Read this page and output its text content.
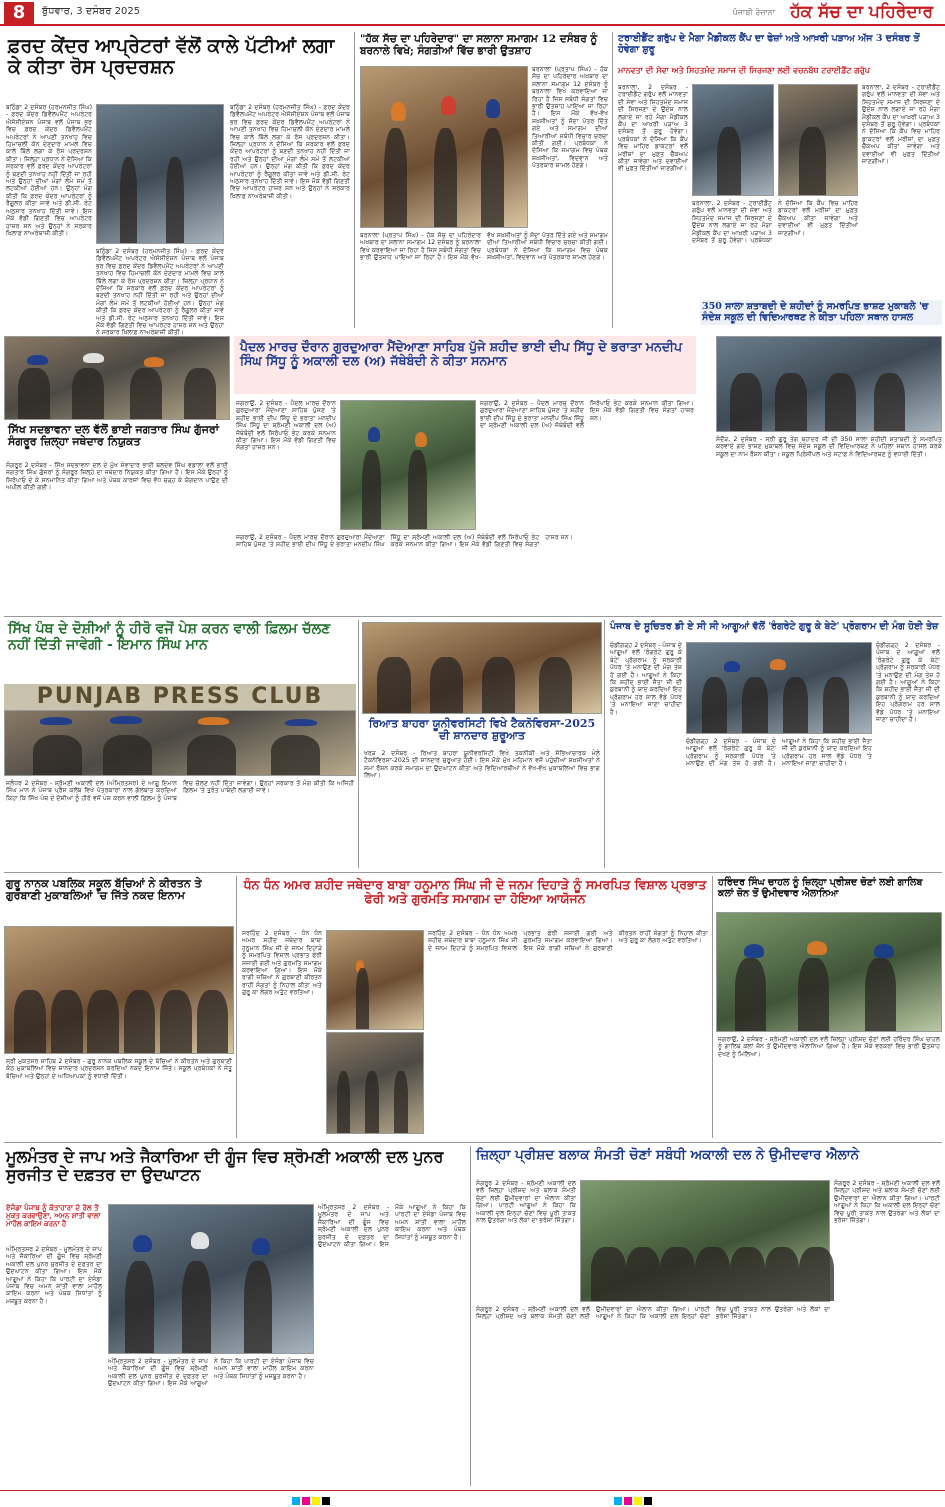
8	ਬੁੱਧਵਾਰ, 3 ਦਸੰਬਰ 2025	ਪੰਜਾਬੀ ਰੋਜ਼ਾਨਾ ਹੱਕ ਸੱਚ ਦਾ ਪਹਿਰੇਦਾਰ
ਫ਼ਰਦ ਕੇਂਦਰ ਆਪ੍ਰੇਟਰਾਂ ਵੱਲੋਂ ਕਾਲੇ ਪੱਟੀਆਂ ਲਗਾ ਕੇ ਕੀਤਾ ਰੋਸ ਪ੍ਰਦਰਸ਼ਨ
ਬਠਿੰਡਾ 2 ਦਸੰਬਰ (ਹਰਮਨਜੀਤ ਸਿੰਘ) - ਫ਼ਰਦ ਕੇਂਦਰ ਡਿਵੈਲਪਮੈਂਟ ਅਪਰੇਟਰ ਐਸੋਸੀਏਸ਼ਨ ਪੰਜਾਬ ਵਲੋਂ ਪੰਜਾਬ ਭਰ ਵਿਚ ਫ਼ਰਦ ਕੇਂਦਰ ਡਿਵੈਲਪਮੈਂਟ ਅਪਰੇਟਰਾਂ ਨੇ ਆਪਣੀ ਤਨਖਾਹ ਵਿਚ ਹਿਮਾਚਲੀ ਕੋਨ ਦੇਣਦਾਰ ਮਾਮਲੇ ਵਿਚ ਕਾਲੇ ਬਿੱਲੇ ਲਗਾ ਕੇ ਰੋਸ ਪ੍ਰਦਰਸ਼ਨ ਕੀਤਾ। ਜ਼ਿਲ੍ਹਾ ਪ੍ਰਧਾਨ ਨੇ ਦੱਸਿਆ ਕਿ ਸਰਕਾਰ ਵਲੋਂ ਫ਼ਰਦ ਕੇਂਦਰ ਆਪਰੇਟਰਾਂ ਨੂੰ ਬਣਦੀ ਤਨਖਾਹ ਨਹੀਂ ਦਿੱਤੀ ਜਾ ਰਹੀ ਅਤੇ ਉਨ੍ਹਾਂ ਦੀਆਂ ਮੰਗਾਂ ਲੰਮੇ ਸਮੇਂ ਤੋਂ ਲਟਕੀਆਂ ਹੋਈਆਂ ਹਨ। ਉਨ੍ਹਾਂ ਮੰਗ ਕੀਤੀ ਕਿ ਫ਼ਰਦ ਕੇਂਦਰ ਆਪਰੇਟਰਾਂ ਨੂੰ ਰੈਗੂਲਰ ਕੀਤਾ ਜਾਵੇ ਅਤੇ ਡੀ.ਸੀ. ਰੇਟ ਅਨੁਸਾਰ ਤਨਖਾਹ ਦਿੱਤੀ ਜਾਵੇ। ਇਸ ਮੌਕੇ ਵੱਡੀ ਗਿਣਤੀ ਵਿਚ ਆਪਰੇਟਰ ਹਾਜ਼ਰ ਸਨ ਅਤੇ ਉਨ੍ਹਾਂ ਨੇ ਸਰਕਾਰ ਖ਼ਿਲਾਫ਼ ਨਾਅਰੇਬਾਜ਼ੀ ਕੀਤੀ।
ਬਠਿੰਡਾ 2 ਦਸੰਬਰ (ਹਰਮਨਜੀਤ ਸਿੰਘ) - ਫ਼ਰਦ ਕੇਂਦਰ ਡਿਵੈਲਪਮੈਂਟ ਅਪਰੇਟਰ ਐਸੋਸੀਏਸ਼ਨ ਪੰਜਾਬ ਵਲੋਂ ਪੰਜਾਬ ਭਰ ਵਿਚ ਫ਼ਰਦ ਕੇਂਦਰ ਡਿਵੈਲਪਮੈਂਟ ਅਪਰੇਟਰਾਂ ਨੇ ਆਪਣੀ ਤਨਖਾਹ ਵਿਚ ਹਿਮਾਚਲੀ ਕੋਨ ਦੇਣਦਾਰ ਮਾਮਲੇ ਵਿਚ ਕਾਲੇ ਬਿੱਲੇ ਲਗਾ ਕੇ ਰੋਸ ਪ੍ਰਦਰਸ਼ਨ ਕੀਤਾ। ਜ਼ਿਲ੍ਹਾ ਪ੍ਰਧਾਨ ਨੇ ਦੱਸਿਆ ਕਿ ਸਰਕਾਰ ਵਲੋਂ ਫ਼ਰਦ ਕੇਂਦਰ ਆਪਰੇਟਰਾਂ ਨੂੰ ਬਣਦੀ ਤਨਖਾਹ ਨਹੀਂ ਦਿੱਤੀ ਜਾ ਰਹੀ ਅਤੇ ਉਨ੍ਹਾਂ ਦੀਆਂ ਮੰਗਾਂ ਲੰਮੇ ਸਮੇਂ ਤੋਂ ਲਟਕੀਆਂ ਹੋਈਆਂ ਹਨ। ਉਨ੍ਹਾਂ ਮੰਗ ਕੀਤੀ ਕਿ ਫ਼ਰਦ ਕੇਂਦਰ ਆਪਰੇਟਰਾਂ ਨੂੰ ਰੈਗੂਲਰ ਕੀਤਾ ਜਾਵੇ ਅਤੇ ਡੀ.ਸੀ. ਰੇਟ ਅਨੁਸਾਰ ਤਨਖਾਹ ਦਿੱਤੀ ਜਾਵੇ। ਇਸ ਮੌਕੇ ਵੱਡੀ ਗਿਣਤੀ ਵਿਚ ਆਪਰੇਟਰ ਹਾਜ਼ਰ ਸਨ ਅਤੇ ਉਨ੍ਹਾਂ ਨੇ ਸਰਕਾਰ ਖ਼ਿਲਾਫ਼ ਨਾਅਰੇਬਾਜ਼ੀ ਕੀਤੀ।
ਬਠਿੰਡਾ 2 ਦਸੰਬਰ (ਹਰਮਨਜੀਤ ਸਿੰਘ) - ਫ਼ਰਦ ਕੇਂਦਰ ਡਿਵੈਲਪਮੈਂਟ ਅਪਰੇਟਰ ਐਸੋਸੀਏਸ਼ਨ ਪੰਜਾਬ ਵਲੋਂ ਪੰਜਾਬ ਭਰ ਵਿਚ ਫ਼ਰਦ ਕੇਂਦਰ ਡਿਵੈਲਪਮੈਂਟ ਅਪਰੇਟਰਾਂ ਨੇ ਆਪਣੀ ਤਨਖਾਹ ਵਿਚ ਹਿਮਾਚਲੀ ਕੋਨ ਦੇਣਦਾਰ ਮਾਮਲੇ ਵਿਚ ਕਾਲੇ ਬਿੱਲੇ ਲਗਾ ਕੇ ਰੋਸ ਪ੍ਰਦਰਸ਼ਨ ਕੀਤਾ। ਜ਼ਿਲ੍ਹਾ ਪ੍ਰਧਾਨ ਨੇ ਦੱਸਿਆ ਕਿ ਸਰਕਾਰ ਵਲੋਂ ਫ਼ਰਦ ਕੇਂਦਰ ਆਪਰੇਟਰਾਂ ਨੂੰ ਬਣਦੀ ਤਨਖਾਹ ਨਹੀਂ ਦਿੱਤੀ ਜਾ ਰਹੀ ਅਤੇ ਉਨ੍ਹਾਂ ਦੀਆਂ ਮੰਗਾਂ ਲੰਮੇ ਸਮੇਂ ਤੋਂ ਲਟਕੀਆਂ ਹੋਈਆਂ ਹਨ। ਉਨ੍ਹਾਂ ਮੰਗ ਕੀਤੀ ਕਿ ਫ਼ਰਦ ਕੇਂਦਰ ਆਪਰੇਟਰਾਂ ਨੂੰ ਰੈਗੂਲਰ ਕੀਤਾ ਜਾਵੇ ਅਤੇ ਡੀ.ਸੀ. ਰੇਟ ਅਨੁਸਾਰ ਤਨਖਾਹ ਦਿੱਤੀ ਜਾਵੇ। ਇਸ ਮੌਕੇ ਵੱਡੀ ਗਿਣਤੀ ਵਿਚ ਆਪਰੇਟਰ ਹਾਜ਼ਰ ਸਨ ਅਤੇ ਉਨ੍ਹਾਂ ਨੇ ਸਰਕਾਰ ਖ਼ਿਲਾਫ਼ ਨਾਅਰੇਬਾਜ਼ੀ ਕੀਤੀ।
"ਹੱਕ ਸੱਚ ਦਾ ਪਹਿਰੇਦਾਰ" ਦਾ ਸਲਾਨਾ ਸਮਾਗਮ 12 ਦਸੰਬਰ ਨੂੰ ਬਰਨਾਲੇ ਵਿਖੇ; ਸੰਗਤੀਆਂ ਵਿੱਚ ਭਾਰੀ ਉਤਸ਼ਾਹ
ਬਰਨਾਲਾ (ਪ੍ਰਤਾਪ ਸਿੰਘ) - ਹੱਕ ਸੱਚ ਦਾ ਪਹਿਰੇਦਾਰ ਅਖ਼ਬਾਰ ਦਾ ਸਲਾਨਾ ਸਮਾਗਮ 12 ਦਸੰਬਰ ਨੂੰ ਬਰਨਾਲਾ ਵਿਖੇ ਕਰਵਾਇਆ ਜਾ ਰਿਹਾ ਹੈ ਜਿਸ ਸਬੰਧੀ ਸੰਗਤਾਂ ਵਿਚ ਭਾਰੀ ਉਤਸ਼ਾਹ ਪਾਇਆ ਜਾ ਰਿਹਾ ਹੈ। ਇਸ ਮੌਕੇ ਵੱਖ-ਵੱਖ ਸ਼ਖ਼ਸੀਅਤਾਂ ਨੂੰ ਸੱਦਾ ਪੱਤਰ ਦਿੱਤੇ ਗਏ ਅਤੇ ਸਮਾਗਮ ਦੀਆਂ ਤਿਆਰੀਆਂ ਸਬੰਧੀ ਵਿਚਾਰ ਚਰਚਾ ਕੀਤੀ ਗਈ। ਪ੍ਰਬੰਧਕਾਂ ਨੇ ਦੱਸਿਆ ਕਿ ਸਮਾਗਮ ਵਿਚ ਪੰਥਕ ਸ਼ਖ਼ਸੀਅਤਾਂ, ਵਿਦਵਾਨ ਅਤੇ ਪੱਤਰਕਾਰ ਸ਼ਾਮਲ ਹੋਣਗੇ।
ਬਰਨਾਲਾ (ਪ੍ਰਤਾਪ ਸਿੰਘ) - ਹੱਕ ਸੱਚ ਦਾ ਪਹਿਰੇਦਾਰ ਅਖ਼ਬਾਰ ਦਾ ਸਲਾਨਾ ਸਮਾਗਮ 12 ਦਸੰਬਰ ਨੂੰ ਬਰਨਾਲਾ ਵਿਖੇ ਕਰਵਾਇਆ ਜਾ ਰਿਹਾ ਹੈ ਜਿਸ ਸਬੰਧੀ ਸੰਗਤਾਂ ਵਿਚ ਭਾਰੀ ਉਤਸ਼ਾਹ ਪਾਇਆ ਜਾ ਰਿਹਾ ਹੈ। ਇਸ ਮੌਕੇ ਵੱਖ-ਵੱਖ ਸ਼ਖ਼ਸੀਅਤਾਂ ਨੂੰ ਸੱਦਾ ਪੱਤਰ ਦਿੱਤੇ ਗਏ ਅਤੇ ਸਮਾਗਮ ਦੀਆਂ ਤਿਆਰੀਆਂ ਸਬੰਧੀ ਵਿਚਾਰ ਚਰਚਾ ਕੀਤੀ ਗਈ। ਪ੍ਰਬੰਧਕਾਂ ਨੇ ਦੱਸਿਆ ਕਿ ਸਮਾਗਮ ਵਿਚ ਪੰਥਕ ਸ਼ਖ਼ਸੀਅਤਾਂ, ਵਿਦਵਾਨ ਅਤੇ ਪੱਤਰਕਾਰ ਸ਼ਾਮਲ ਹੋਣਗੇ।
ਟਰਾਈਡੈਂਟ ਗਰੁੱਪ ਦੇ ਮੈਗਾ ਮੈਡੀਕਲ ਕੈਂਪ ਦਾ ਫੇਜ਼ਾਂ ਅਤੇ ਆਖ਼ਰੀ ਪੜਾਅ ਅੱਜ 3 ਦਸੰਬਰ ਤੋਂ ਹੋਵੇਗਾ ਸ਼ੁਰੂ
ਮਾਨਵਤਾ ਦੀ ਸੇਵਾ ਅਤੇ ਸਿਹਤਮੰਦ ਸਮਾਜ ਦੀ ਸਿਰਜਣਾ ਲਈ ਵਚਨਬੱਧ ਟਰਾਈਡੈਂਟ ਗਰੁੱਪ
ਬਰਨਾਲਾ, 2 ਦਸੰਬਰ - ਟਰਾਈਡੈਂਟ ਗਰੁੱਪ ਵਲੋਂ ਮਾਨਵਤਾ ਦੀ ਸੇਵਾ ਅਤੇ ਸਿਹਤਮੰਦ ਸਮਾਜ ਦੀ ਸਿਰਜਣਾ ਦੇ ਉਦੇਸ਼ ਨਾਲ ਲਗਾਏ ਜਾ ਰਹੇ ਮੈਗਾ ਮੈਡੀਕਲ ਕੈਂਪ ਦਾ ਆਖ਼ਰੀ ਪੜਾਅ 3 ਦਸੰਬਰ ਤੋਂ ਸ਼ੁਰੂ ਹੋਵੇਗਾ। ਪ੍ਰਬੰਧਕਾਂ ਨੇ ਦੱਸਿਆ ਕਿ ਕੈਂਪ ਵਿਚ ਮਾਹਿਰ ਡਾਕਟਰਾਂ ਵਲੋਂ ਮਰੀਜ਼ਾਂ ਦਾ ਮੁਫ਼ਤ ਚੈੱਕਅਪ ਕੀਤਾ ਜਾਵੇਗਾ ਅਤੇ ਦਵਾਈਆਂ ਵੀ ਮੁਫ਼ਤ ਦਿੱਤੀਆਂ ਜਾਣਗੀਆਂ।
ਬਰਨਾਲਾ, 2 ਦਸੰਬਰ - ਟਰਾਈਡੈਂਟ ਗਰੁੱਪ ਵਲੋਂ ਮਾਨਵਤਾ ਦੀ ਸੇਵਾ ਅਤੇ ਸਿਹਤਮੰਦ ਸਮਾਜ ਦੀ ਸਿਰਜਣਾ ਦੇ ਉਦੇਸ਼ ਨਾਲ ਲਗਾਏ ਜਾ ਰਹੇ ਮੈਗਾ ਮੈਡੀਕਲ ਕੈਂਪ ਦਾ ਆਖ਼ਰੀ ਪੜਾਅ 3 ਦਸੰਬਰ ਤੋਂ ਸ਼ੁਰੂ ਹੋਵੇਗਾ। ਪ੍ਰਬੰਧਕਾਂ ਨੇ ਦੱਸਿਆ ਕਿ ਕੈਂਪ ਵਿਚ ਮਾਹਿਰ ਡਾਕਟਰਾਂ ਵਲੋਂ ਮਰੀਜ਼ਾਂ ਦਾ ਮੁਫ਼ਤ ਚੈੱਕਅਪ ਕੀਤਾ ਜਾਵੇਗਾ ਅਤੇ ਦਵਾਈਆਂ ਵੀ ਮੁਫ਼ਤ ਦਿੱਤੀਆਂ ਜਾਣਗੀਆਂ।
ਬਰਨਾਲਾ, 2 ਦਸੰਬਰ - ਟਰਾਈਡੈਂਟ ਗਰੁੱਪ ਵਲੋਂ ਮਾਨਵਤਾ ਦੀ ਸੇਵਾ ਅਤੇ ਸਿਹਤਮੰਦ ਸਮਾਜ ਦੀ ਸਿਰਜਣਾ ਦੇ ਉਦੇਸ਼ ਨਾਲ ਲਗਾਏ ਜਾ ਰਹੇ ਮੈਗਾ ਮੈਡੀਕਲ ਕੈਂਪ ਦਾ ਆਖ਼ਰੀ ਪੜਾਅ 3 ਦਸੰਬਰ ਤੋਂ ਸ਼ੁਰੂ ਹੋਵੇਗਾ। ਪ੍ਰਬੰਧਕਾਂ ਨੇ ਦੱਸਿਆ ਕਿ ਕੈਂਪ ਵਿਚ ਮਾਹਿਰ ਡਾਕਟਰਾਂ ਵਲੋਂ ਮਰੀਜ਼ਾਂ ਦਾ ਮੁਫ਼ਤ ਚੈੱਕਅਪ ਕੀਤਾ ਜਾਵੇਗਾ ਅਤੇ ਦਵਾਈਆਂ ਵੀ ਮੁਫ਼ਤ ਦਿੱਤੀਆਂ ਜਾਣਗੀਆਂ।
350 ਸਾਲਾ ਸ਼ਤਾਬਦੀ ਦੇ ਸ਼ਹੀਦਾਂ ਨੂੰ ਸਮਰਪਿਤ ਭਾਸ਼ਣ ਮੁਕਾਬਲੇ 'ਚ ਸੰਦੇਸ਼ ਸਕੂਲ ਦੀ ਵਿਦਿਆਰਥਣ ਨੇ ਕੀਤਾ ਪਹਿਲਾ ਸਥਾਨ ਹਾਸਲ
ਸੰਦੌੜ, 2 ਦਸੰਬਰ - ਸ੍ਰੀ ਗੁਰੂ ਤੇਗ ਬਹਾਦਰ ਜੀ ਦੀ 350 ਸਾਲਾ ਸ਼ਹੀਦੀ ਸ਼ਤਾਬਦੀ ਨੂੰ ਸਮਰਪਿਤ ਕਰਵਾਏ ਗਏ ਭਾਸ਼ਣ ਮੁਕਾਬਲੇ ਵਿਚ ਸੰਦੇਸ਼ ਸਕੂਲ ਦੀ ਵਿਦਿਆਰਥਣ ਨੇ ਪਹਿਲਾ ਸਥਾਨ ਹਾਸਲ ਕਰਕੇ ਸਕੂਲ ਦਾ ਨਾਮ ਰੌਸ਼ਨ ਕੀਤਾ। ਸਕੂਲ ਪ੍ਰਿੰਸੀਪਲ ਅਤੇ ਸਟਾਫ਼ ਨੇ ਵਿਦਿਆਰਥਣ ਨੂੰ ਵਧਾਈ ਦਿੱਤੀ।
ਪੈਦਲ ਮਾਰਚ ਦੌਰਾਨ ਗੁਰਦੁਆਰਾ ਮੈਂਦੇਆਣਾ ਸਾਹਿਬ ਪੁੱਜੇ ਸ਼ਹੀਦ ਭਾਈ ਦੀਪ ਸਿੱਧੂ ਦੇ ਭਰਾਤਾ ਮਨਦੀਪ ਸਿੰਘ ਸਿੱਧੂ ਨੂੰ ਅਕਾਲੀ ਦਲ (ਅ) ਜੱਥੇਬੰਦੀ ਨੇ ਕੀਤਾ ਸਨਮਾਨ
ਜਗਰਾਉਂ, 2 ਦਸੰਬਰ - ਪੈਦਲ ਮਾਰਚ ਦੌਰਾਨ ਗੁਰਦੁਆਰਾ ਮੈਂਦੇਆਣਾ ਸਾਹਿਬ ਪੁੱਜਣ 'ਤੇ ਸ਼ਹੀਦ ਭਾਈ ਦੀਪ ਸਿੱਧੂ ਦੇ ਭਰਾਤਾ ਮਨਦੀਪ ਸਿੰਘ ਸਿੱਧੂ ਦਾ ਸ਼੍ਰੋਮਣੀ ਅਕਾਲੀ ਦਲ (ਅ) ਜੱਥੇਬੰਦੀ ਵਲੋਂ ਸਿਰੋਪਾਓ ਭੇਟ ਕਰਕੇ ਸਨਮਾਨ ਕੀਤਾ ਗਿਆ। ਇਸ ਮੌਕੇ ਵੱਡੀ ਗਿਣਤੀ ਵਿਚ ਸੰਗਤਾਂ ਹਾਜ਼ਰ ਸਨ।
ਜਗਰਾਉਂ, 2 ਦਸੰਬਰ - ਪੈਦਲ ਮਾਰਚ ਦੌਰਾਨ ਗੁਰਦੁਆਰਾ ਮੈਂਦੇਆਣਾ ਸਾਹਿਬ ਪੁੱਜਣ 'ਤੇ ਸ਼ਹੀਦ ਭਾਈ ਦੀਪ ਸਿੱਧੂ ਦੇ ਭਰਾਤਾ ਮਨਦੀਪ ਸਿੰਘ ਸਿੱਧੂ ਦਾ ਸ਼੍ਰੋਮਣੀ ਅਕਾਲੀ ਦਲ (ਅ) ਜੱਥੇਬੰਦੀ ਵਲੋਂ ਸਿਰੋਪਾਓ ਭੇਟ ਕਰਕੇ ਸਨਮਾਨ ਕੀਤਾ ਗਿਆ। ਇਸ ਮੌਕੇ ਵੱਡੀ ਗਿਣਤੀ ਵਿਚ ਸੰਗਤਾਂ ਹਾਜ਼ਰ ਸਨ।
ਜਗਰਾਉਂ, 2 ਦਸੰਬਰ - ਪੈਦਲ ਮਾਰਚ ਦੌਰਾਨ ਗੁਰਦੁਆਰਾ ਮੈਂਦੇਆਣਾ ਸਾਹਿਬ ਪੁੱਜਣ 'ਤੇ ਸ਼ਹੀਦ ਭਾਈ ਦੀਪ ਸਿੱਧੂ ਦੇ ਭਰਾਤਾ ਮਨਦੀਪ ਸਿੰਘ ਸਿੱਧੂ ਦਾ ਸ਼੍ਰੋਮਣੀ ਅਕਾਲੀ ਦਲ (ਅ) ਜੱਥੇਬੰਦੀ ਵਲੋਂ ਸਿਰੋਪਾਓ ਭੇਟ ਕਰਕੇ ਸਨਮਾਨ ਕੀਤਾ ਗਿਆ। ਇਸ ਮੌਕੇ ਵੱਡੀ ਗਿਣਤੀ ਵਿਚ ਸੰਗਤਾਂ ਹਾਜ਼ਰ ਸਨ।
ਸਿੱਖ ਸਦਭਾਵਨਾ ਦਲ ਵੱਲੋਂ ਭਾਈ ਜਗਤਾਰ ਸਿੰਘ ਗੁੱਜਰਾਂ ਸੰਗਰੂਰ ਜ਼ਿਲ੍ਹਾ ਜਥੇਦਾਰ ਨਿਯੁਕਤ
ਸੰਗਰੂਰ 2 ਦਸੰਬਰ - ਸਿੱਖ ਸਦਭਾਵਨਾ ਦਲ ਦੇ ਮੁੱਖ ਸੇਵਾਦਾਰ ਭਾਈ ਬਲਦੇਵ ਸਿੰਘ ਵਡਾਲਾ ਵਲੋਂ ਭਾਈ ਜਗਤਾਰ ਸਿੰਘ ਗੁੱਜਰਾਂ ਨੂੰ ਸੰਗਰੂਰ ਜ਼ਿਲ੍ਹੇ ਦਾ ਜਥੇਦਾਰ ਨਿਯੁਕਤ ਕੀਤਾ ਗਿਆ ਹੈ। ਇਸ ਮੌਕੇ ਉਨ੍ਹਾਂ ਨੂੰ ਸਿਰੋਪਾਓ ਦੇ ਕੇ ਸਨਮਾਨਿਤ ਕੀਤਾ ਗਿਆ ਅਤੇ ਪੰਥਕ ਕਾਰਜਾਂ ਵਿਚ ਵੱਧ ਚੜ੍ਹ ਕੇ ਯੋਗਦਾਨ ਪਾਉਣ ਦੀ ਅਪੀਲ ਕੀਤੀ ਗਈ।
ਸਿੱਖ ਪੰਥ ਦੇ ਦੋਸ਼ੀਆਂ ਨੂੰ ਹੀਰੋ ਵਜੋਂ ਪੇਸ਼ ਕਰਨ ਵਾਲੀ ਫ਼ਿਲਮ ਚੱਲਣ ਨਹੀਂ ਦਿੱਤੀ ਜਾਵੇਗੀ - ਇਮਾਨ ਸਿੰਘ ਮਾਨ
PUNJAB PRESS CLUB
ਜਲੰਧਰ 2 ਦਸੰਬਰ - ਸ਼੍ਰੋਮਣੀ ਅਕਾਲੀ ਦਲ (ਅੰਮ੍ਰਿਤਸਰ) ਦੇ ਆਗੂ ਇਮਾਨ ਸਿੰਘ ਮਾਨ ਨੇ ਪੰਜਾਬ ਪ੍ਰੈਸ ਕਲੱਬ ਵਿਖੇ ਪੱਤਰਕਾਰਾਂ ਨਾਲ ਗੱਲਬਾਤ ਕਰਦਿਆਂ ਕਿਹਾ ਕਿ ਸਿੱਖ ਪੰਥ ਦੇ ਦੋਸ਼ੀਆਂ ਨੂੰ ਹੀਰੋ ਵਜੋਂ ਪੇਸ਼ ਕਰਨ ਵਾਲੀ ਫ਼ਿਲਮ ਨੂੰ ਪੰਜਾਬ ਵਿਚ ਚੱਲਣ ਨਹੀਂ ਦਿੱਤਾ ਜਾਵੇਗਾ। ਉਨ੍ਹਾਂ ਸਰਕਾਰ ਤੋਂ ਮੰਗ ਕੀਤੀ ਕਿ ਅਜਿਹੀ ਫ਼ਿਲਮ 'ਤੇ ਤੁਰੰਤ ਪਾਬੰਦੀ ਲਗਾਈ ਜਾਵੇ।
ਰਿਆਤ ਬਾਹਰਾ ਯੂਨੀਵਰਸਿਟੀ ਵਿਖੇ ਟੈਕਨੋਵਿਰਸਾ-2025 ਦੀ ਸ਼ਾਨਦਾਰ ਸ਼ੁਰੂਆਤ
ਖਰੜ 2 ਦਸੰਬਰ - ਰਿਆਤ ਬਾਹਰਾ ਯੂਨੀਵਰਸਿਟੀ ਵਿਖੇ ਤਕਨੀਕੀ ਅਤੇ ਸੱਭਿਆਚਾਰਕ ਮੇਲੇ ਟੈਕਨੋਵਿਰਸਾ-2025 ਦੀ ਸ਼ਾਨਦਾਰ ਸ਼ੁਰੂਆਤ ਹੋਈ। ਇਸ ਮੌਕੇ ਮੁੱਖ ਮਹਿਮਾਨ ਵਜੋਂ ਪਹੁੰਚੀਆਂ ਸ਼ਖ਼ਸੀਅਤਾਂ ਨੇ ਸ਼ਮਾ ਰੌਸ਼ਨ ਕਰਕੇ ਸਮਾਗਮ ਦਾ ਉਦਘਾਟਨ ਕੀਤਾ ਅਤੇ ਵਿਦਿਆਰਥੀਆਂ ਨੇ ਵੱਖ-ਵੱਖ ਮੁਕਾਬਲਿਆਂ ਵਿਚ ਭਾਗ ਲਿਆ।
ਪੰਜਾਬ ਦੇ ਸੂਚਿਤਰ ਡੀ ਏ ਸੀ ਸੀ ਆਗੂਆਂ ਵੱਲੋਂ 'ਰੰਗਰੇਟੇ ਗੁਰੂ ਕੇ ਬੇਟੇ' ਪ੍ਰੋਗਰਾਮ ਦੀ ਮੰਗ ਹੋਈ ਤੇਜ਼
ਚੰਡੀਗੜ੍ਹ 2 ਦਸੰਬਰ - ਪੰਜਾਬ ਦੇ ਆਗੂਆਂ ਵਲੋਂ 'ਰੰਗਰੇਟੇ ਗੁਰੂ ਕੇ ਬੇਟੇ' ਪ੍ਰੋਗਰਾਮ ਨੂੰ ਸਰਕਾਰੀ ਪੱਧਰ 'ਤੇ ਮਨਾਉਣ ਦੀ ਮੰਗ ਤੇਜ਼ ਹੋ ਗਈ ਹੈ। ਆਗੂਆਂ ਨੇ ਕਿਹਾ ਕਿ ਸ਼ਹੀਦ ਭਾਈ ਜੈਤਾ ਜੀ ਦੀ ਕੁਰਬਾਨੀ ਨੂੰ ਯਾਦ ਕਰਦਿਆਂ ਇਹ ਪ੍ਰੋਗਰਾਮ ਹਰ ਸਾਲ ਵੱਡੇ ਪੱਧਰ 'ਤੇ ਮਨਾਇਆ ਜਾਣਾ ਚਾਹੀਦਾ ਹੈ।
ਚੰਡੀਗੜ੍ਹ 2 ਦਸੰਬਰ - ਪੰਜਾਬ ਦੇ ਆਗੂਆਂ ਵਲੋਂ 'ਰੰਗਰੇਟੇ ਗੁਰੂ ਕੇ ਬੇਟੇ' ਪ੍ਰੋਗਰਾਮ ਨੂੰ ਸਰਕਾਰੀ ਪੱਧਰ 'ਤੇ ਮਨਾਉਣ ਦੀ ਮੰਗ ਤੇਜ਼ ਹੋ ਗਈ ਹੈ। ਆਗੂਆਂ ਨੇ ਕਿਹਾ ਕਿ ਸ਼ਹੀਦ ਭਾਈ ਜੈਤਾ ਜੀ ਦੀ ਕੁਰਬਾਨੀ ਨੂੰ ਯਾਦ ਕਰਦਿਆਂ ਇਹ ਪ੍ਰੋਗਰਾਮ ਹਰ ਸਾਲ ਵੱਡੇ ਪੱਧਰ 'ਤੇ ਮਨਾਇਆ ਜਾਣਾ ਚਾਹੀਦਾ ਹੈ।
ਚੰਡੀਗੜ੍ਹ 2 ਦਸੰਬਰ - ਪੰਜਾਬ ਦੇ ਆਗੂਆਂ ਵਲੋਂ 'ਰੰਗਰੇਟੇ ਗੁਰੂ ਕੇ ਬੇਟੇ' ਪ੍ਰੋਗਰਾਮ ਨੂੰ ਸਰਕਾਰੀ ਪੱਧਰ 'ਤੇ ਮਨਾਉਣ ਦੀ ਮੰਗ ਤੇਜ਼ ਹੋ ਗਈ ਹੈ। ਆਗੂਆਂ ਨੇ ਕਿਹਾ ਕਿ ਸ਼ਹੀਦ ਭਾਈ ਜੈਤਾ ਜੀ ਦੀ ਕੁਰਬਾਨੀ ਨੂੰ ਯਾਦ ਕਰਦਿਆਂ ਇਹ ਪ੍ਰੋਗਰਾਮ ਹਰ ਸਾਲ ਵੱਡੇ ਪੱਧਰ 'ਤੇ ਮਨਾਇਆ ਜਾਣਾ ਚਾਹੀਦਾ ਹੈ।
ਗੁਰੂ ਨਾਨਕ ਪਬਲਿਕ ਸਕੂਲ ਬੱਚਿਆਂ ਨੇ ਕੀਰਤਨ ਤੇ ਗੁਰਬਾਣੀ ਮੁਕਾਬਲਿਆਂ 'ਚ ਜਿੱਤੇ ਨਕਦ ਇਨਾਮ
ਸ੍ਰੀ ਮੁਕਤਸਰ ਸਾਹਿਬ 2 ਦਸੰਬਰ - ਗੁਰੂ ਨਾਨਕ ਪਬਲਿਕ ਸਕੂਲ ਦੇ ਬੱਚਿਆਂ ਨੇ ਕੀਰਤਨ ਅਤੇ ਗੁਰਬਾਣੀ ਕੰਠ ਮੁਕਾਬਲਿਆਂ ਵਿਚ ਸ਼ਾਨਦਾਰ ਪ੍ਰਦਰਸ਼ਨ ਕਰਦਿਆਂ ਨਕਦ ਇਨਾਮ ਜਿੱਤੇ। ਸਕੂਲ ਪ੍ਰਬੰਧਕਾਂ ਨੇ ਜੇਤੂ ਬੱਚਿਆਂ ਅਤੇ ਉਨ੍ਹਾਂ ਦੇ ਅਧਿਆਪਕਾਂ ਨੂੰ ਵਧਾਈ ਦਿੱਤੀ।
ਧੰਨ ਧੰਨ ਅਮਰ ਸ਼ਹੀਦ ਜਥੇਦਾਰ ਬਾਬਾ ਹਨੂਮਾਨ ਸਿੰਘ ਜੀ ਦੇ ਜਨਮ ਦਿਹਾੜੇ ਨੂੰ ਸਮਰਪਿਤ ਵਿਸ਼ਾਲ ਪ੍ਰਭਾਤ ਫੇਰੀ ਅਤੇ ਗੁਰਮਤਿ ਸਮਾਗਮ ਦਾ ਹੋਇਆ ਆਯੋਜਨ
ਸਰਹਿੰਦ 2 ਦਸੰਬਰ - ਧੰਨ ਧੰਨ ਅਮਰ ਸ਼ਹੀਦ ਜਥੇਦਾਰ ਬਾਬਾ ਹਨੂਮਾਨ ਸਿੰਘ ਜੀ ਦੇ ਜਨਮ ਦਿਹਾੜੇ ਨੂੰ ਸਮਰਪਿਤ ਵਿਸ਼ਾਲ ਪ੍ਰਭਾਤ ਫੇਰੀ ਸਜਾਈ ਗਈ ਅਤੇ ਗੁਰਮਤਿ ਸਮਾਗਮ ਕਰਵਾਇਆ ਗਿਆ। ਇਸ ਮੌਕੇ ਰਾਗੀ ਜਥਿਆਂ ਨੇ ਗੁਰਬਾਣੀ ਕੀਰਤਨ ਰਾਹੀਂ ਸੰਗਤਾਂ ਨੂੰ ਨਿਹਾਲ ਕੀਤਾ ਅਤੇ ਗੁਰੂ ਕਾ ਲੰਗਰ ਅਤੁੱਟ ਵਰਤਿਆ।
ਸਰਹਿੰਦ 2 ਦਸੰਬਰ - ਧੰਨ ਧੰਨ ਅਮਰ ਸ਼ਹੀਦ ਜਥੇਦਾਰ ਬਾਬਾ ਹਨੂਮਾਨ ਸਿੰਘ ਜੀ ਦੇ ਜਨਮ ਦਿਹਾੜੇ ਨੂੰ ਸਮਰਪਿਤ ਵਿਸ਼ਾਲ ਪ੍ਰਭਾਤ ਫੇਰੀ ਸਜਾਈ ਗਈ ਅਤੇ ਗੁਰਮਤਿ ਸਮਾਗਮ ਕਰਵਾਇਆ ਗਿਆ। ਇਸ ਮੌਕੇ ਰਾਗੀ ਜਥਿਆਂ ਨੇ ਗੁਰਬਾਣੀ ਕੀਰਤਨ ਰਾਹੀਂ ਸੰਗਤਾਂ ਨੂੰ ਨਿਹਾਲ ਕੀਤਾ ਅਤੇ ਗੁਰੂ ਕਾ ਲੰਗਰ ਅਤੁੱਟ ਵਰਤਿਆ।
ਹਰਿੰਦਰ ਸਿੰਘ ਚਾਹਲ ਨੂੰ ਜ਼ਿਲ੍ਹਾ ਪ੍ਰੀਸ਼ਦ ਚੋਣਾਂ ਲਈ ਗਾਲਿਬ ਕਲਾਂ ਜ਼ੋਨ ਤੋਂ ਉਮੀਦਵਾਰ ਐਲਾਨਿਆ
ਜਗਰਾਉਂ, 2 ਦਸੰਬਰ - ਸ਼੍ਰੋਮਣੀ ਅਕਾਲੀ ਦਲ ਵਲੋਂ ਜ਼ਿਲ੍ਹਾ ਪ੍ਰੀਸ਼ਦ ਚੋਣਾਂ ਲਈ ਹਰਿੰਦਰ ਸਿੰਘ ਚਾਹਲ ਨੂੰ ਗਾਲਿਬ ਕਲਾਂ ਜ਼ੋਨ ਤੋਂ ਉਮੀਦਵਾਰ ਐਲਾਨਿਆ ਗਿਆ ਹੈ। ਇਸ ਮੌਕੇ ਵਰਕਰਾਂ ਵਿਚ ਭਾਰੀ ਉਤਸ਼ਾਹ ਦੇਖਣ ਨੂੰ ਮਿਲਿਆ।
ਮੂਲਮੰਤਰ ਦੇ ਜਾਪ ਅਤੇ ਜੈਕਾਰਿਆ ਦੀ ਗੂੰਜ ਵਿਚ ਸ਼੍ਰੋਮਣੀ ਅਕਾਲੀ ਦਲ ਪੁਨਰ ਸੁਰਜੀਤ ਦੇ ਦਫ਼ਤਰ ਦਾ ਉਦਘਾਟਨ
ਏਜੰਡਾ ਪੰਜਾਬ ਨੂੰ ਕੋਤਾਹਾਰਾ ਦੇ ਰੋਲ ਤੋਂ ਮੁਕਤ ਕਰਵਾਉਣਾ, ਅਮਨ ਸ਼ਾਂਤੀ ਵਾਲਾ ਮਾਹੌਲ ਕਾਇਮ ਕਰਨਾ ਹੈ
ਅੰਮ੍ਰਿਤਸਰ 2 ਦਸੰਬਰ - ਮੂਲਮੰਤਰ ਦੇ ਜਾਪ ਅਤੇ ਜੈਕਾਰਿਆ ਦੀ ਗੂੰਜ ਵਿਚ ਸ਼੍ਰੋਮਣੀ ਅਕਾਲੀ ਦਲ ਪੁਨਰ ਸੁਰਜੀਤ ਦੇ ਦਫ਼ਤਰ ਦਾ ਉਦਘਾਟਨ ਕੀਤਾ ਗਿਆ। ਇਸ ਮੌਕੇ ਆਗੂਆਂ ਨੇ ਕਿਹਾ ਕਿ ਪਾਰਟੀ ਦਾ ਏਜੰਡਾ ਪੰਜਾਬ ਵਿਚ ਅਮਨ ਸ਼ਾਂਤੀ ਵਾਲਾ ਮਾਹੌਲ ਕਾਇਮ ਕਰਨਾ ਅਤੇ ਪੰਥਕ ਸਿਧਾਂਤਾਂ ਨੂੰ ਮਜ਼ਬੂਤ ਕਰਨਾ ਹੈ।
ਅੰਮ੍ਰਿਤਸਰ 2 ਦਸੰਬਰ - ਮੂਲਮੰਤਰ ਦੇ ਜਾਪ ਅਤੇ ਜੈਕਾਰਿਆ ਦੀ ਗੂੰਜ ਵਿਚ ਸ਼੍ਰੋਮਣੀ ਅਕਾਲੀ ਦਲ ਪੁਨਰ ਸੁਰਜੀਤ ਦੇ ਦਫ਼ਤਰ ਦਾ ਉਦਘਾਟਨ ਕੀਤਾ ਗਿਆ। ਇਸ ਮੌਕੇ ਆਗੂਆਂ ਨੇ ਕਿਹਾ ਕਿ ਪਾਰਟੀ ਦਾ ਏਜੰਡਾ ਪੰਜਾਬ ਵਿਚ ਅਮਨ ਸ਼ਾਂਤੀ ਵਾਲਾ ਮਾਹੌਲ ਕਾਇਮ ਕਰਨਾ ਅਤੇ ਪੰਥਕ ਸਿਧਾਂਤਾਂ ਨੂੰ ਮਜ਼ਬੂਤ ਕਰਨਾ ਹੈ।
ਅੰਮ੍ਰਿਤਸਰ 2 ਦਸੰਬਰ - ਮੂਲਮੰਤਰ ਦੇ ਜਾਪ ਅਤੇ ਜੈਕਾਰਿਆ ਦੀ ਗੂੰਜ ਵਿਚ ਸ਼੍ਰੋਮਣੀ ਅਕਾਲੀ ਦਲ ਪੁਨਰ ਸੁਰਜੀਤ ਦੇ ਦਫ਼ਤਰ ਦਾ ਉਦਘਾਟਨ ਕੀਤਾ ਗਿਆ। ਇਸ ਮੌਕੇ ਆਗੂਆਂ ਨੇ ਕਿਹਾ ਕਿ ਪਾਰਟੀ ਦਾ ਏਜੰਡਾ ਪੰਜਾਬ ਵਿਚ ਅਮਨ ਸ਼ਾਂਤੀ ਵਾਲਾ ਮਾਹੌਲ ਕਾਇਮ ਕਰਨਾ ਅਤੇ ਪੰਥਕ ਸਿਧਾਂਤਾਂ ਨੂੰ ਮਜ਼ਬੂਤ ਕਰਨਾ ਹੈ।
ਜ਼ਿਲ੍ਹਾ ਪ੍ਰੀਸ਼ਦ ਬਲਾਕ ਸੰਮਤੀ ਚੋਣਾਂ ਸਬੰਧੀ ਅਕਾਲੀ ਦਲ ਨੇ ਉਮੀਦਵਾਰ ਐਲਾਨੇ
ਸੰਗਰੂਰ 2 ਦਸੰਬਰ - ਸ਼੍ਰੋਮਣੀ ਅਕਾਲੀ ਦਲ ਵਲੋਂ ਜ਼ਿਲ੍ਹਾ ਪ੍ਰੀਸ਼ਦ ਅਤੇ ਬਲਾਕ ਸੰਮਤੀ ਚੋਣਾਂ ਲਈ ਉਮੀਦਵਾਰਾਂ ਦਾ ਐਲਾਨ ਕੀਤਾ ਗਿਆ। ਪਾਰਟੀ ਆਗੂਆਂ ਨੇ ਕਿਹਾ ਕਿ ਅਕਾਲੀ ਦਲ ਇਨ੍ਹਾਂ ਚੋਣਾਂ ਵਿਚ ਪੂਰੀ ਤਾਕਤ ਨਾਲ ਉਤਰੇਗਾ ਅਤੇ ਲੋਕਾਂ ਦਾ ਭਰੋਸਾ ਜਿੱਤੇਗਾ।
ਸੰਗਰੂਰ 2 ਦਸੰਬਰ - ਸ਼੍ਰੋਮਣੀ ਅਕਾਲੀ ਦਲ ਵਲੋਂ ਜ਼ਿਲ੍ਹਾ ਪ੍ਰੀਸ਼ਦ ਅਤੇ ਬਲਾਕ ਸੰਮਤੀ ਚੋਣਾਂ ਲਈ ਉਮੀਦਵਾਰਾਂ ਦਾ ਐਲਾਨ ਕੀਤਾ ਗਿਆ। ਪਾਰਟੀ ਆਗੂਆਂ ਨੇ ਕਿਹਾ ਕਿ ਅਕਾਲੀ ਦਲ ਇਨ੍ਹਾਂ ਚੋਣਾਂ ਵਿਚ ਪੂਰੀ ਤਾਕਤ ਨਾਲ ਉਤਰੇਗਾ ਅਤੇ ਲੋਕਾਂ ਦਾ ਭਰੋਸਾ ਜਿੱਤੇਗਾ।
ਸੰਗਰੂਰ 2 ਦਸੰਬਰ - ਸ਼੍ਰੋਮਣੀ ਅਕਾਲੀ ਦਲ ਵਲੋਂ ਜ਼ਿਲ੍ਹਾ ਪ੍ਰੀਸ਼ਦ ਅਤੇ ਬਲਾਕ ਸੰਮਤੀ ਚੋਣਾਂ ਲਈ ਉਮੀਦਵਾਰਾਂ ਦਾ ਐਲਾਨ ਕੀਤਾ ਗਿਆ। ਪਾਰਟੀ ਆਗੂਆਂ ਨੇ ਕਿਹਾ ਕਿ ਅਕਾਲੀ ਦਲ ਇਨ੍ਹਾਂ ਚੋਣਾਂ ਵਿਚ ਪੂਰੀ ਤਾਕਤ ਨਾਲ ਉਤਰੇਗਾ ਅਤੇ ਲੋਕਾਂ ਦਾ ਭਰੋਸਾ ਜਿੱਤੇਗਾ।
